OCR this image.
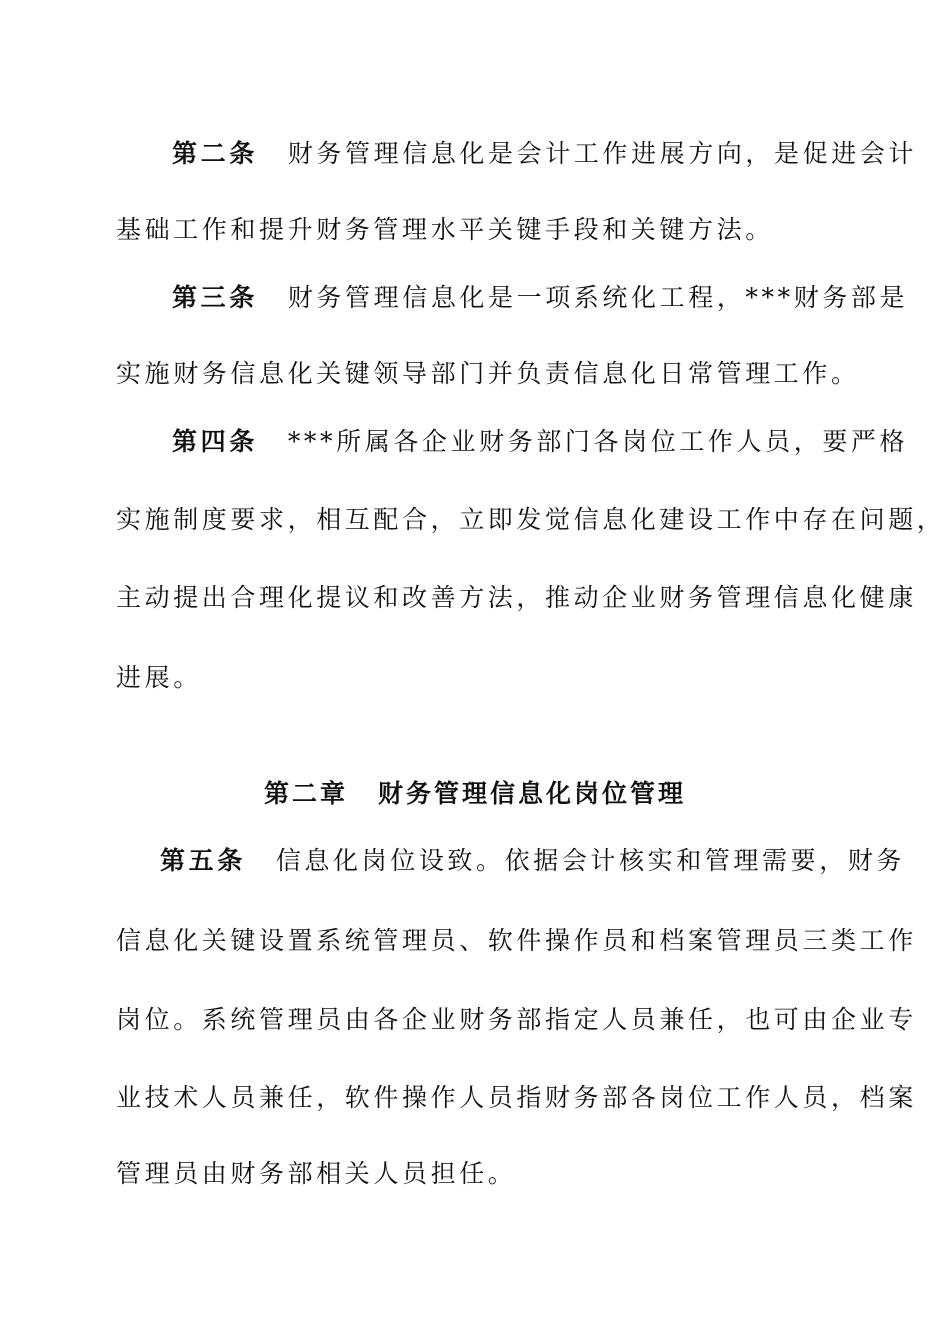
第二条 财务管理信息化是会计工作进展方向，是促进会计
基础工作和提升财务管理水平关键手段和关键方法。
第三条 财务管理信息化是一项系统化工程，***财务部是
实施财务信息化关键领导部门并负责信息化日常管理工作。
第四条 ***所属各企业财务部门各岗位工作人员，要严格
实施制度要求，相互配合，立即发觉信息化建设工作中存在问题，
主动提出合理化提议和改善方法，推动企业财务管理信息化健康
进展。
第二章 财务管理信息化岗位管理
第五条 信息化岗位设致。依据会计核实和管理需要，财务
信息化关键设置系统管理员、软件操作员和档案管理员三类工作
岗位。系统管理员由各企业财务部指定人员兼任，也可由企业专
业技术人员兼任，软件操作人员指财务部各岗位工作人员，档案
管理员由财务部相关人员担任。
